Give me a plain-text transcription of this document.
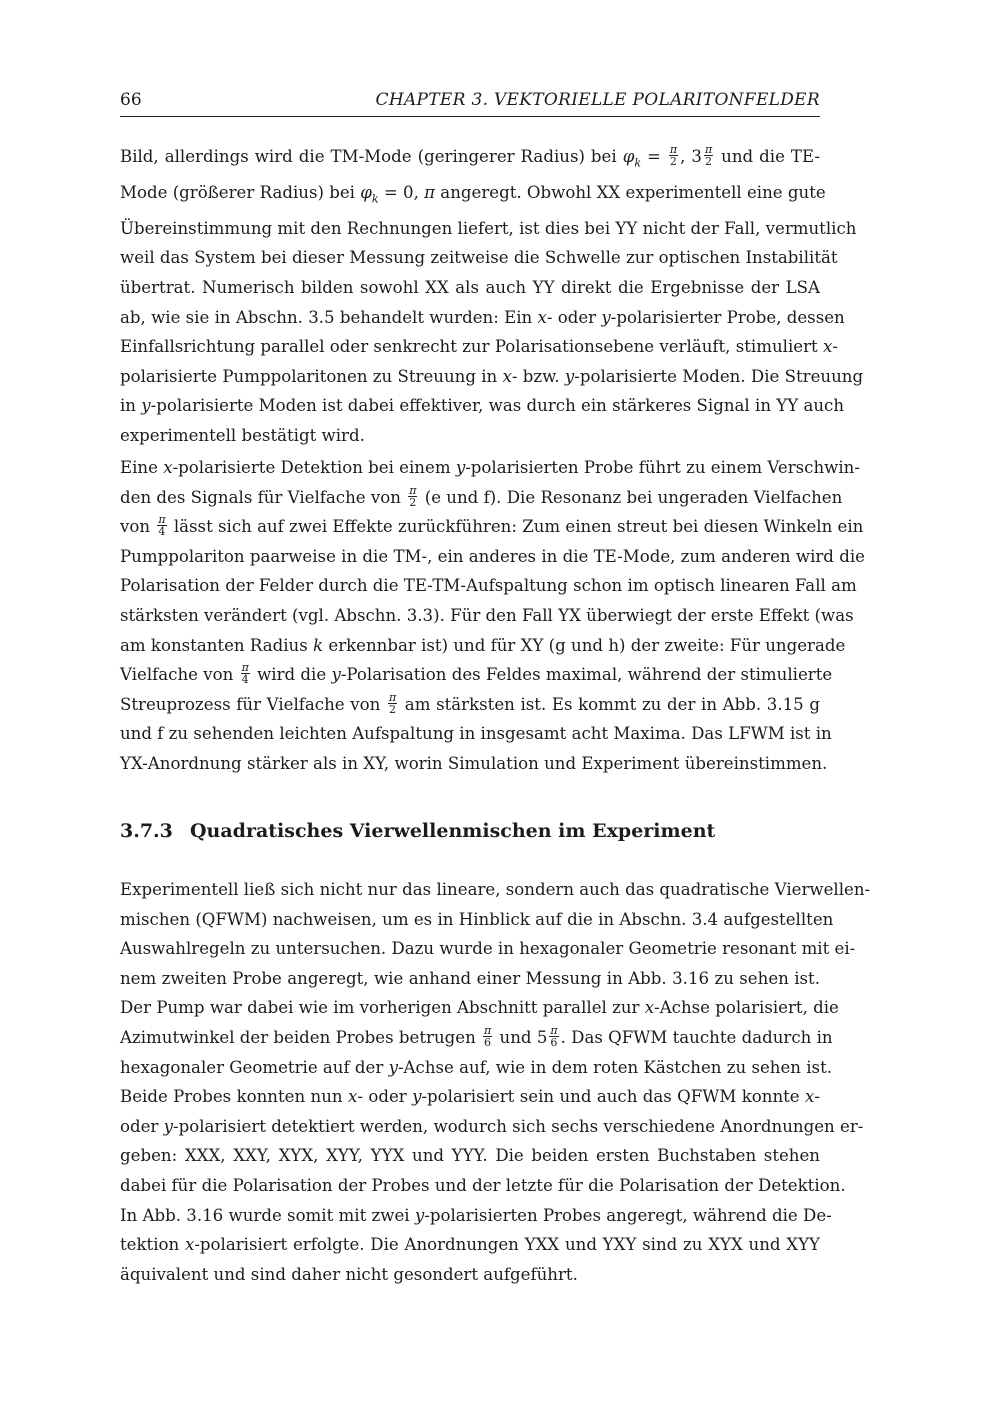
66	CHAPTER 3. VEKTORIELLE POLARITONFELDER
Bild, allerdings wird die TM-Mode (geringerer Radius) bei $\varphi_k = \frac{\pi}{2}$ , $3 \frac{\pi}{2}$ und die TE-
Mode (größerer Radius) bei $\varphi_k = 0$, π angeregt. Obwohl XX experimentell eine gute
Übereinstimmung mit den Rechnungen liefert, ist dies bei YY nicht der Fall, vermutlich
weil das System bei dieser Messung zeitweise die Schwelle zur optischen Instabilität
übertrat. Numerisch bilden sowohl XX als auch YY direkt die Ergebnisse der LSA
ab, wie sie in Abschn. 3.5 behandelt wurden: Ein x- oder y-polarisierter Probe, dessen
Einfallsrichtung parallel oder senkrecht zur Polarisationsebene verläuft, stimuliert x-
polarisierte Pumppolaritonen zu Streuung in x- bzw. y-polarisierte Moden. Die Streuung
in y-polarisierte Moden ist dabei effektiver, was durch ein stärkeres Signal in YY auch
experimentell bestätigt wird.
Eine x-polarisierte Detektion bei einem y-polarisierten Probe führt zu einem Verschwin-
den des Signals für Vielfache von $\frac{\pi}{2} (e$ und f). Die Resonanz bei ungeraden Vielfachen
von $\frac{\pi}{4}$ lässt sich auf zwei Effekte zurückführen: Zum einen streut bei diesen Winkeln ein
Pumppolariton paarweise in die TM-, ein anderes in die TE-Mode, zum anderen wird die
Polarisation der Felder durch die TE-TM-Aufspaltung schon im optisch linearen Fall am
stärksten verändert (vgl. Abschn. 3.3). Für den Fall YX überwiegt der erste Effekt (was
am konstanten Radius k erkennbar ist) und für XY (g und h) der zweite: Für ungerade
Vielfache von $\frac{\pi}{4}$ wird die y-Polarisation des Feldes maximal, während der stimulierte
Streuprozess für Vielfache von $\frac{\pi}{2}$ am stärksten ist. Es kommt zu der in Abb. 3.15 g
und f zu sehenden leichten Aufspaltung in insgesamt acht Maxima. Das LFWM ist in
YX-Anordnung stärker als in XY, worin Simulation und Experiment übereinstimmen.
3.7.3 Quadratisches Vierwellenmischen im Experiment
Experimentell ließ sich nicht nur das lineare, sondern auch das quadratische Vierwellen-
mischen (QFWM) nachweisen, um es in Hinblick auf die in Abschn. 3.4 aufgestellten
Auswahlregeln zu untersuchen. Dazu wurde in hexagonaler Geometrie resonant mit ei-
nem zweiten Probe angeregt, wie anhand einer Messung in Abb. 3.16 zu sehen ist.
Der Pump war dabei wie im vorherigen Abschnitt parallel zur x-Achse polarisiert, die
Azimutwinkel der beiden Probes betrugen $\frac{\pi}{6}$ und $5 \frac{\pi}{6}$ . Das QFWM tauchte dadurch in
hexagonaler Geometrie auf der y-Achse auf, wie in dem roten Kästchen zu sehen ist.
Beide Probes konnten nun x- oder y-polarisiert sein und auch das QFWM konnte x-
oder y-polarisiert detektiert werden, wodurch sich sechs verschiedene Anordnungen er-
geben: XXX, XXY, XYX, XYY, YYX und YYY. Die beiden ersten Buchstaben stehen
dabei für die Polarisation der Probes und der letzte für die Polarisation der Detektion.
In Abb. 3.16 wurde somit mit zwei y-polarisierten Probes angeregt, während die De-
tektion x-polarisiert erfolgte. Die Anordnungen YXX und YXY sind zu XYX und XYY
äquivalent und sind daher nicht gesondert aufgeführt.
